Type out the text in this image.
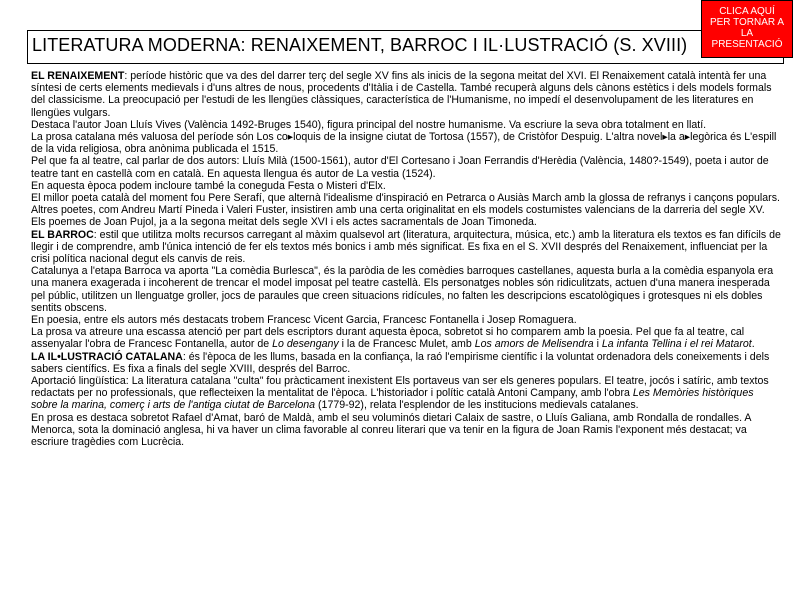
LITERATURA MODERNA: RENAIXEMENT, BARROC I IL·LUSTRACIÓ (S. XVIII)
CLICA AQUÍ
PER TORNAR A
LA
PRESENTACIÓ

EL RENAIXEMENT: període històric que va des del darrer terç del segle XV fins als inicis de la segona meitat del XVI. El Renaixement català intentà fer una síntesi de certs elements medievals i d'uns altres de nous, procedents d'Itàlia i de Castella. També recuperà alguns dels cànons estètics i dels models formals del classicisme. La preocupació per l'estudi de les llengües clàssiques, característica de l'Humanisme, no impedí el desenvolupament de les literatures en llengües vulgars.

Destaca l'autor Joan Lluís Vives (València 1492-Bruges 1540), figura principal del nostre humanisme. Va escriure la seva obra totalment en llatí.

La prosa catalana més valuosa del període són Los co▸loquis de la insigne ciutat de Tortosa (1557), de Cristòfor Despuig. L'altra novel▸la a▸legòrica és L'espill de la vida religiosa, obra anònima publicada el 1515.

Pel que fa al teatre, cal parlar de dos autors: Lluís Milà (1500-1561), autor d'El Cortesano i Joan Ferrandis d'Herèdia (València, 1480?-1549), poeta i autor de teatre tant en castellà com en català. En aquesta llengua és autor de La vestia (1524).

En aquesta època podem incloure també la coneguda Festa o Misteri d'Elx.

El millor poeta català del moment fou Pere Serafí, que alternà l'idealisme d'inspiració en Petrarca o Ausiàs March amb la glossa de refranys i cançons populars. Altres poetes, com Andreu Martí Pineda i Valeri Fuster, insistiren amb una certa originalitat en els models costumistes valencians de la darreria del segle XV. Els poemes de Joan Pujol, ja a la segona meitat dels segle XVI i els actes sacramentals de Joan Timoneda.

EL BARROC: estil que utilitza molts recursos carregant al màxim qualsevol art (literatura, arquitectura, música, etc.) amb la literatura els textos es fan difícils de llegir i de comprendre, amb l'única intenció de fer els textos més bonics i amb més significat. Es fixa en el S. XVII després del Renaixement, influenciat per la crisi política nacional degut els canvis de reis.

Catalunya a l'etapa Barroca va aporta "La comèdia Burlesca", és la paròdia de les comèdies barroques castellanes, aquesta burla a la comèdia espanyola era una manera exagerada i incoherent de trencar el model imposat pel teatre castellà. Els personatges nobles són ridiculitzats, actuen d'una manera inesperada pel públic, utilitzen un llenguatge groller, jocs de paraules que creen situacions ridícules, no falten les descripcions escatològiques i grotesques ni els dobles sentits obscens.

En poesia, entre els autors més destacats trobem Francesc Vicent Garcia, Francesc Fontanella i Josep Romaguera.

La prosa va atreure una escassa atenció per part dels escriptors durant aquesta època, sobretot si ho comparem amb la poesia. Pel que fa al teatre, cal assenyalar l'obra de Francesc Fontanella, autor de Lo desengany i la de Francesc Mulet, amb Los amors de Melisendra i La infanta Tellina i el rei Matarot.

LA IL•LUSTRACIÓ CATALANA: és l'època de les llums, basada en la confiança, la raó l'empirisme científic i la voluntat ordenadora dels coneixements i dels sabers científics. Es fixa a finals del segle XVIII, després del Barroc.

Aportació lingüística: La literatura catalana "culta" fou pràcticament inexistent Els portaveus van ser els generes populars. El teatre, jocós i satíric, amb textos redactats per no professionals, que reflecteixen la mentalitat de l'època. L'historiador i polític català Antoni Campany, amb l'obra Les Memòries històriques sobre la marina, comerç i arts de l'antiga ciutat de Barcelona (1779-92), relata l'esplendor de les institucions medievals catalanes.

En prosa es destaca sobretot Rafael d'Amat, baró de Maldà, amb el seu voluminós dietari Calaix de sastre, o Lluís Galiana, amb Rondalla de rondalles. A Menorca, sota la dominació anglesa, hi va haver un clima favorable al conreu literari que va tenir en la figura de Joan Ramis l'exponent més destacat; va escriure tragèdies com Lucrècia.
